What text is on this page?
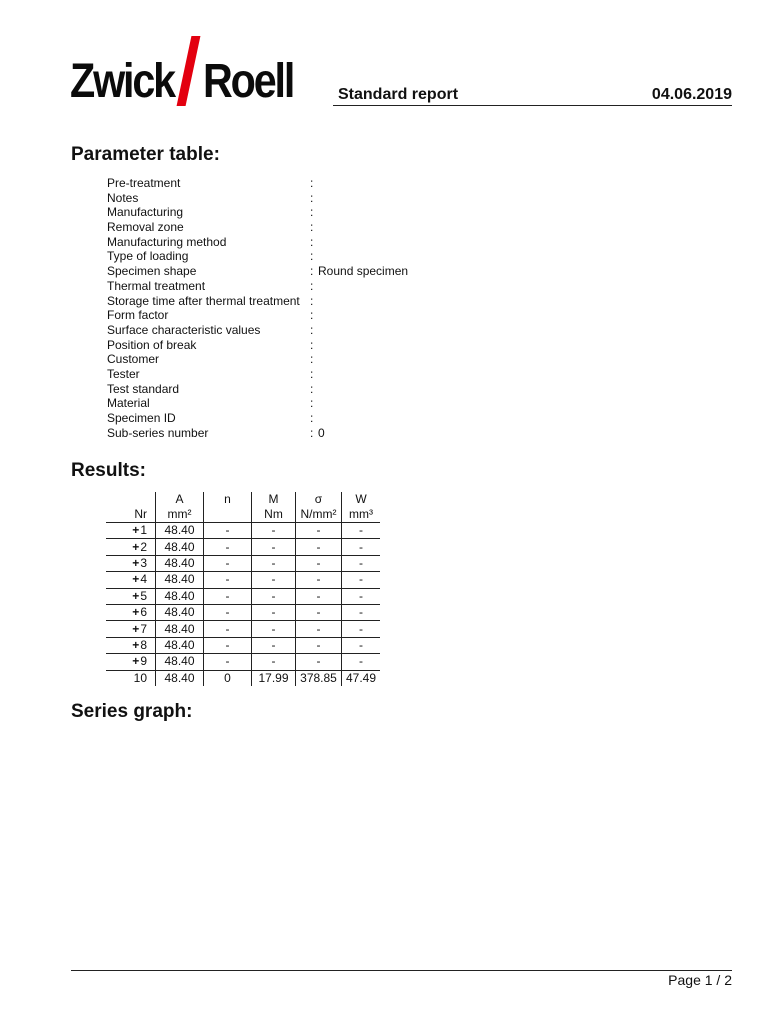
Zwick Roell	Standard report	04.06.2019
Parameter table:
Pre-treatment	:
Notes	:
Manufacturing	:
Removal zone	:
Manufacturing method	:
Type of loading	:
Specimen shape	: Round specimen
Thermal treatment	:
Storage time after thermal treatment :
Form factor	:
Surface characteristic values	:
Position of break	:
Customer	:
Tester	:
Test standard	:
Material	:
Specimen ID	:
Sub-series number	: 0
Results:
	A	n	M	σ	W
Nr	mm²		Nm	N/mm²	mm³
+1	48.40	-	-	-	-
+2	48.40	-	-	-	-
+3	48.40	-	-	-	-
+4	48.40	-	-	-	-
+5	48.40	-	-	-	-
+6	48.40	-	-	-	-
+7	48.40	-	-	-	-
+8	48.40	-	-	-	-
+9	48.40	-	-	-	-
10	48.40	0	17.99	378.85	47.49
Series graph:
Page 1 / 2
